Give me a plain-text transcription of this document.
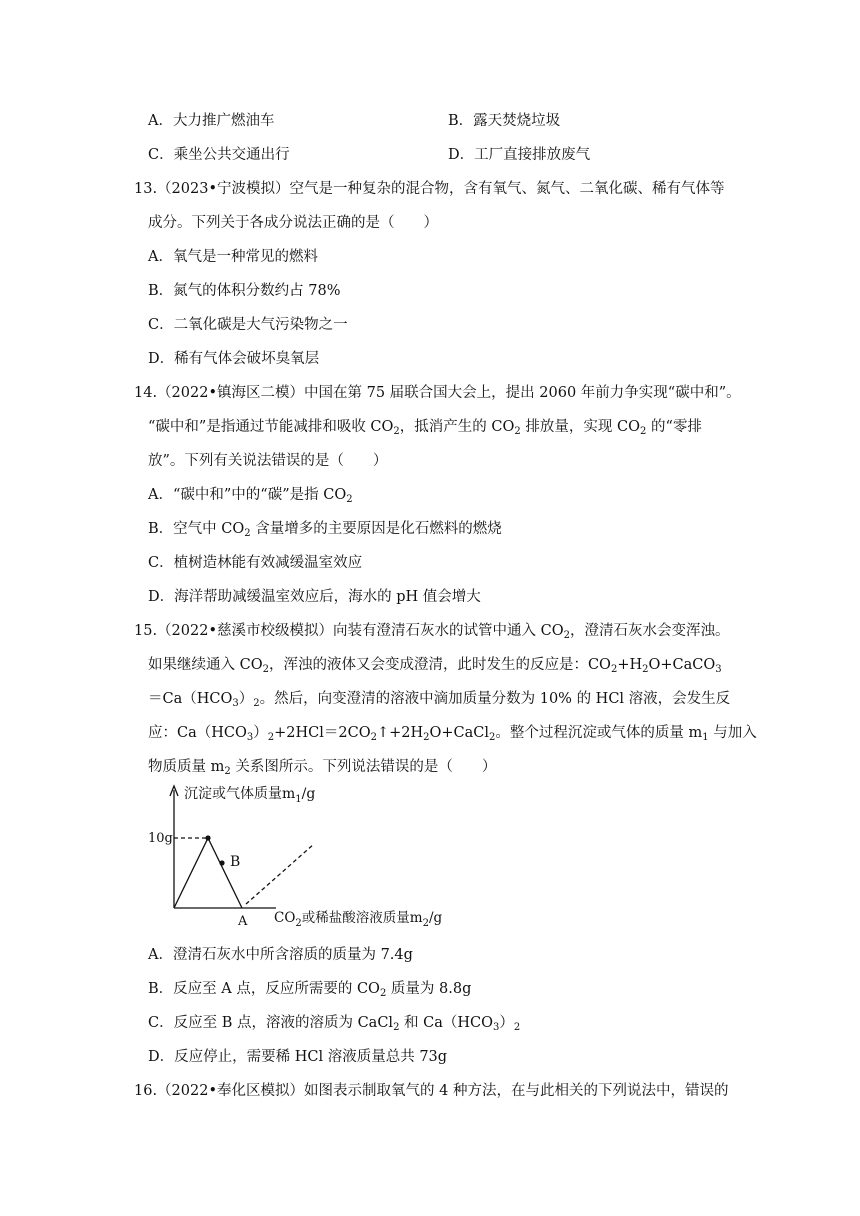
A．大力推广燃油车	B．露天焚烧垃圾
C．乘坐公共交通出行	D．工厂直接排放废气
13.（2023•宁波模拟）空气是一种复杂的混合物，含有氧气、氮气、二氧化碳、稀有气体等
成分。下列关于各成分说法正确的是（　　）
A．氧气是一种常见的燃料
B．氮气的体积分数约占 78%
C．二氧化碳是大气污染物之一
D．稀有气体会破坏臭氧层
14.（2022•镇海区二模）中国在第 75 届联合国大会上，提出 2060 年前力争实现“碳中和”。
“碳中和”是指通过节能减排和吸收 $CO_2$，抵消产生的 $CO_2$ 排放量，实现 $CO_2$ 的“零排
放”。下列有关说法错误的是（　　）
A．“碳中和”中的“碳”是指 $CO_2$
B．空气中 $CO_2$ 含量增多的主要原因是化石燃料的燃烧
C．植树造林能有效减缓温室效应
D．海洋帮助减缓温室效应后，海水的 pH 值会增大
15.（2022•慈溪市校级模拟）向装有澄清石灰水的试管中通入 $CO_2$，澄清石灰水会变浑浊。
如果继续通入 $CO_2$，浑浊的液体又会变成澄清，此时发生的反应是：$CO_2+H_2O+CaCO_3$
$=Ca(HCO_3)_2$。然后，向变澄清的溶液中滴加质量分数为 10% 的 HCl 溶液，会发生反
应：$Ca(HCO_3)_2+2HCl=2CO_2↑+2H_2O+CaCl_2$。整个过程沉淀或气体的质量 $m_1$ 与加入
物质质量 $m_2$ 关系图所示。下列说法错误的是（　　）
沉淀或气体质量$m_1/g$
10g
B
A $CO_2$或稀盐酸溶液质量$m_2/g$
A．澄清石灰水中所含溶质的质量为 7.4g
B．反应至 A 点，反应所需要的 $CO_2$ 质量为 8.8g
C．反应至 B 点，溶液的溶质为 CaCl$_2$ 和 $Ca(HCO_3)_2$
D．反应停止，需要稀 HCl 溶液质量总共 73g
16.（2022•奉化区模拟）如图表示制取氧气的 4 种方法，在与此相关的下列说法中，错误的
